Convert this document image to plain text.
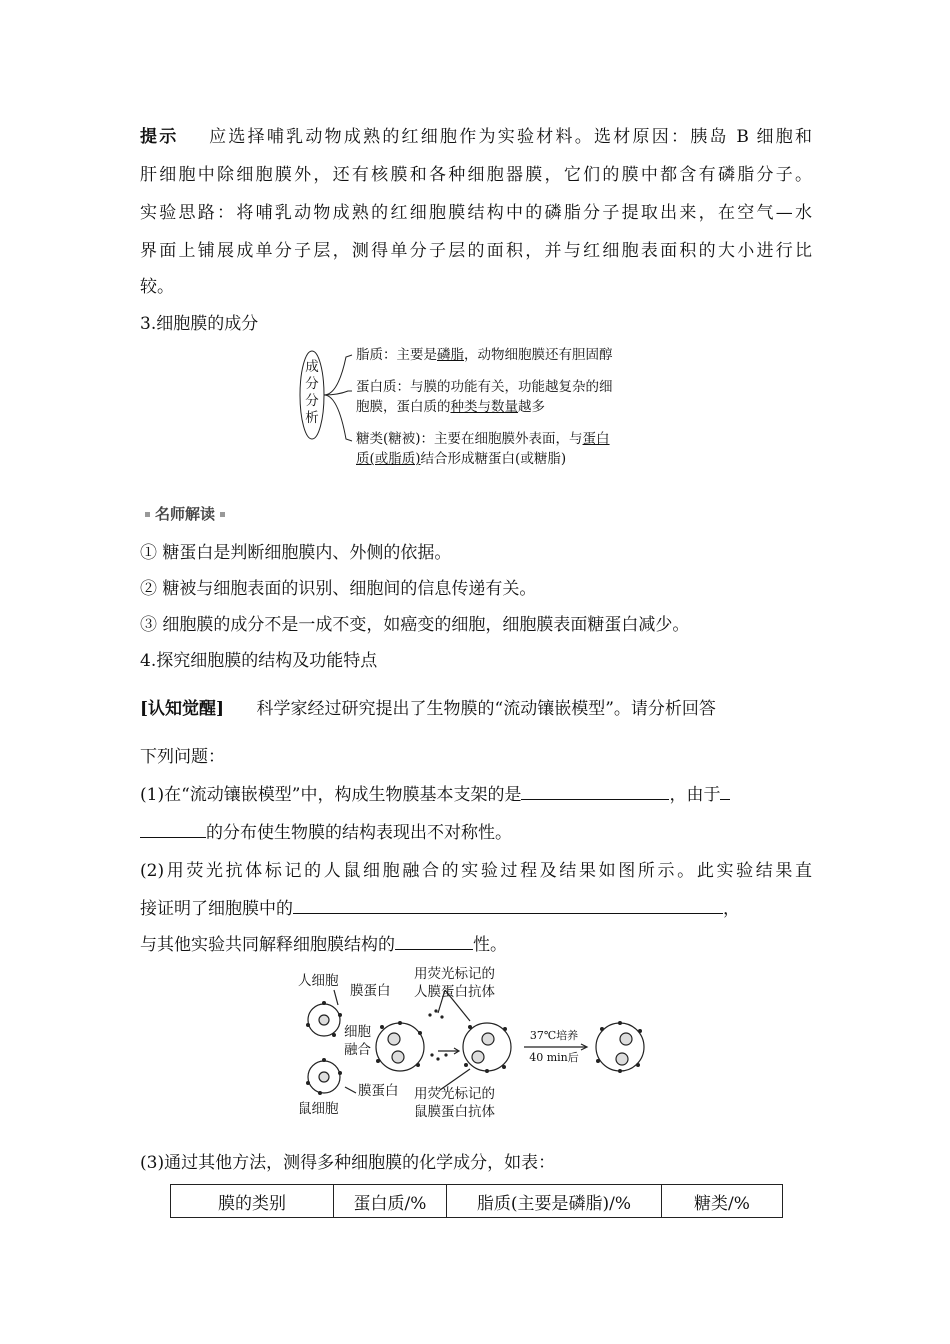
提示 应选择哺乳动物成熟的红细胞作为实验材料。选材原因：胰岛 B 细胞和
肝细胞中除细胞膜外，还有核膜和各种细胞器膜，它们的膜中都含有磷脂分子。
实验思路：将哺乳动物成熟的红细胞膜结构中的磷脂分子提取出来，在空气—水
界面上铺展成单分子层，测得单分子层的面积，并与红细胞表面积的大小进行比
较。
3.细胞膜的成分
成
分
分
析
脂质：主要是磷脂，动物细胞膜还有胆固醇
蛋白质：与膜的功能有关，功能越复杂的细
胞膜，蛋白质的种类与数量越多
糖类(糖被)：主要在细胞膜外表面，与蛋白
质(或脂质)结合形成糖蛋白(或糖脂)
名师解读
① 糖蛋白是判断细胞膜内、外侧的依据。
② 糖被与细胞表面的识别、细胞间的信息传递有关。
③ 细胞膜的成分不是一成不变，如癌变的细胞，细胞膜表面糖蛋白减少。
4.探究细胞膜的结构及功能特点
[认知觉醒] 科学家经过研究提出了生物膜的“流动镶嵌模型”。请分析回答
下列问题：
(1)在“流动镶嵌模型”中，构成生物膜基本支架的是	，由于
的分布使生物膜的结构表现出不对称性。
(2)用荧光抗体标记的人鼠细胞融合的实验过程及结果如图所示。此实验结果直
接证明了细胞膜中的	，
与其他实验共同解释细胞膜结构的	性。
人细胞
膜蛋白
用荧光标记的
人膜蛋白抗体
细胞
融合
37℃培养
40 min后
鼠细胞
膜蛋白 用荧光标记的
鼠膜蛋白抗体
(3)通过其他方法，测得多种细胞膜的化学成分，如表：
膜的类别	蛋白质/%	脂质(主要是磷脂)/%	糖类/%
